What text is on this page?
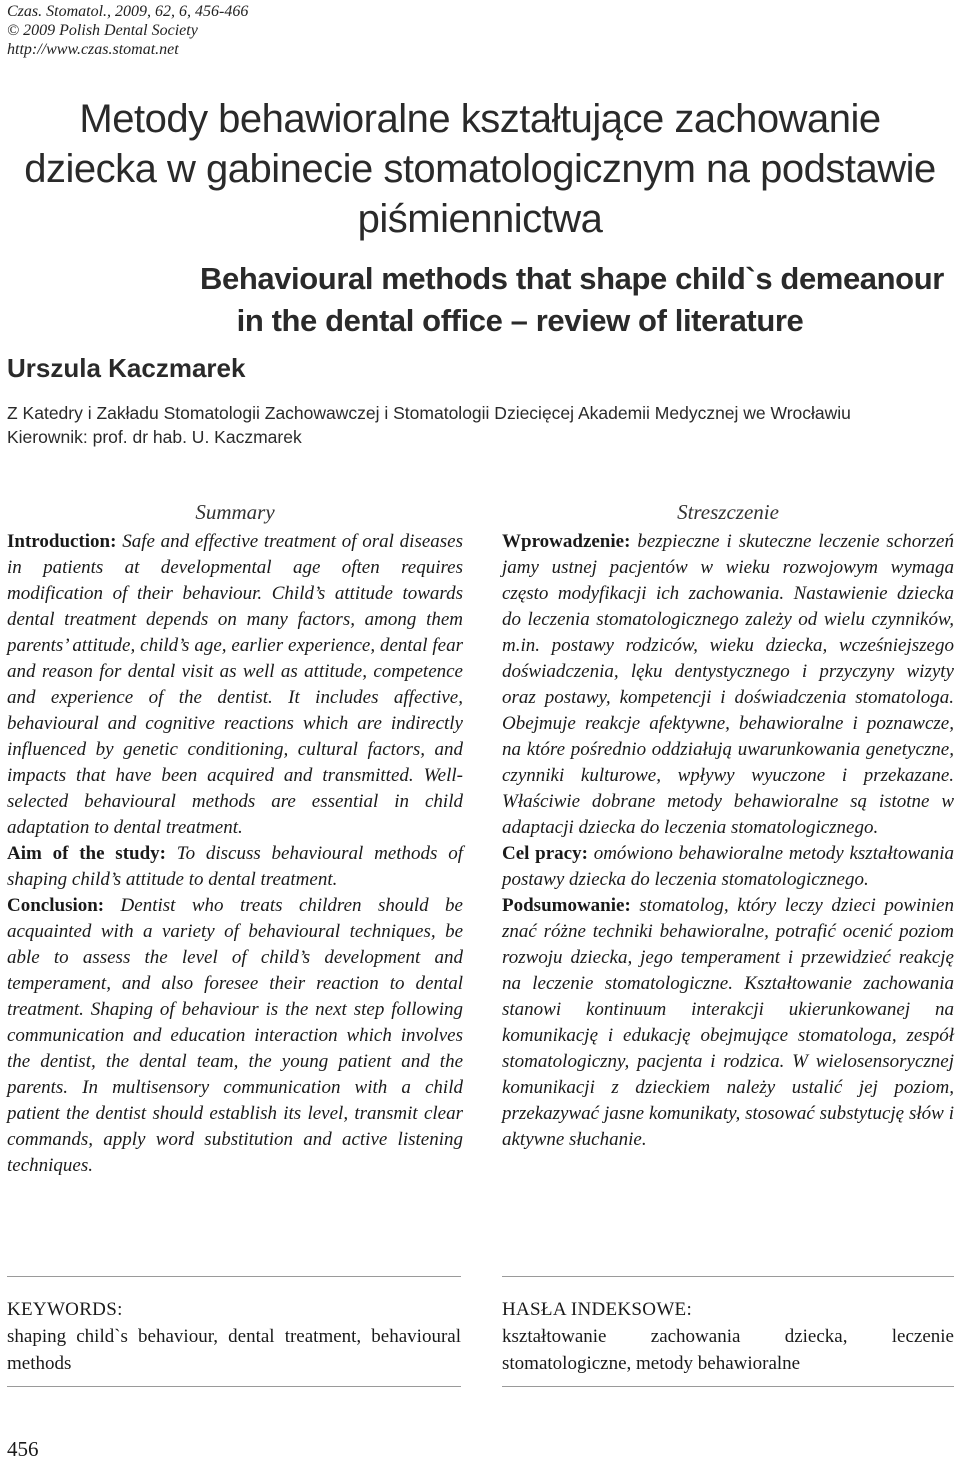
Czas. Stomatol., 2009, 62, 6, 456-466
© 2009 Polish Dental Society
http://www.czas.stomat.net
Metody behawioralne kształtujące zachowanie
dziecka w gabinecie stomatologicznym na podstawie
piśmiennictwa
Behavioural methods that shape child`s demeanour
in the dental office – review of literature
Urszula Kaczmarek
Z Katedry i Zakładu Stomatologii Zachowawczej i Stomatologii Dziecięcej Akademii Medycznej we Wrocławiu
Kierownik: prof. dr hab. U. Kaczmarek
Summary

Introduction: Safe and effective treatment of oral diseases in patients at developmental age often requires modification of their behaviour. Child’s attitude towards dental treatment depends on many factors, among them parents’ attitude, child’s age, earlier experience, dental fear and reason for dental visit as well as attitude, competence and experience of the dentist. It includes affective, behavioural and cognitive reactions which are indirectly influenced by genetic conditioning, cultural factors, and impacts that have been acquired and transmitted. Well-selected behavioural methods are essential in child adaptation to dental treatment.

Aim of the study: To discuss behavioural methods of shaping child’s attitude to dental treatment.

Conclusion: Dentist who treats children should be acquainted with a variety of behavioural techniques, be able to assess the level of child’s development and temperament, and also foresee their reaction to dental treatment. Shaping of behaviour is the next step following communication and education interaction which involves the dentist, the dental team, the young patient and the parents. In multisensory communication with a child patient the dentist should establish its level, transmit clear commands, apply word substitution and active listening techniques.

Streszczenie

Wprowadzenie: bezpieczne i skuteczne leczenie schorzeń jamy ustnej pacjentów w wieku rozwojowym wymaga często modyfikacji ich zachowania. Nastawienie dziecka do leczenia stomatologicznego zależy od wielu czynników, m.in. postawy rodziców, wieku dziecka, wcześniejszego doświadczenia, lęku dentystycznego i przyczyny wizyty oraz postawy, kompetencji i doświadczenia stomatologa. Obejmuje reakcje afektywne, behawioralne i poznawcze, na które pośrednio oddziałują uwarunkowania genetyczne, czynniki kulturowe, wpływy wyuczone i przekazane. Właściwie dobrane metody behawioralne są istotne w adaptacji dziecka do leczenia stomatologicznego.

Cel pracy: omówiono behawioralne metody kształtowania postawy dziecka do leczenia stomatologicznego.

Podsumowanie: stomatolog, który leczy dzieci powinien znać różne techniki behawioralne, potrafić ocenić poziom rozwoju dziecka, jego temperament i przewidzieć reakcję na leczenie stomatologiczne. Kształtowanie zachowania stanowi kontinuum interakcji ukierunkowanej na komunikację i edukację obejmujące stomatologa, zespół stomatologiczny, pacjenta i rodzica. W wielosensorycznej komunikacji z dzieckiem należy ustalić jej poziom, przekazywać jasne komunikaty, stosować substytucję słów i aktywne słuchanie.

KEYWORDS:
shaping child`s behaviour, dental treatment, behavioural methods
HASŁA INDEKSOWE:
kształtowanie zachowania dziecka, leczenie stomatologiczne, metody behawioralne
456
